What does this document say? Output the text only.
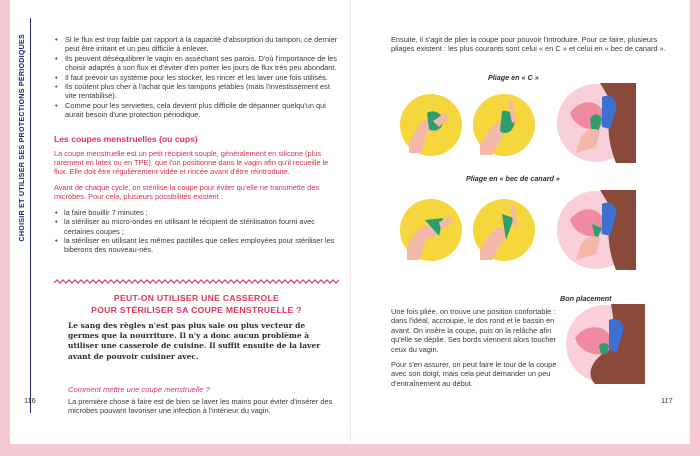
CHOISIR ET UTILISER SES PROTECTIONS PÉRIODIQUES
•	Si le flux est trop faible par rapport à la capacité d'absorption du tampon, ce dernier peut être irritant et un peu difficile à enlever.
• Ils peuvent déséquilibrer le vagin en asséchant ses parois. D'où l'importance de les choisir adaptés à son flux et d'éviter d'en porter les jours de flux très peu abondant.
• Il faut prévoir un système pour les stocker, les rincer et les laver une fois utilisés.
• Ils coûtent plus cher à l'achat que les tampons jetables (mais l'investissement est vite rentabilisé).
• Comme pour les serviettes, cela devient plus difficile de dépanner quelqu'un qui aurait besoin d'une protection périodique.
Les coupes menstruelles (ou cups)

La coupe menstruelle est un petit récipient souple, généralement en silicone (plus rarement en latex ou en TPE), que l'on positionne dans le vagin afin qu'il recueille le flux. Elle doit être régulièrement vidée et rincée avant d'être réintroduite.

Avant de chaque cycle, on stérilise la coupe pour éviter qu'elle ne transmette des microbes. Pour cela, plusieurs possibilités existent :

• la faire bouillir 7 minutes ;
• la stériliser au micro-ondes en utilisant le récipient de stérilisation fourni avec certaines coupes ;
• la stériliser en utilisant les mêmes pastilles que celles employées pour stériliser les biberons des nouveau-nés.
PEUT-ON UTILISER UNE CASSEROLE
POUR STÉRILISER SA COUPE MENSTRUELLE ?
Le sang des règles n'est pas plus sale ou plus vecteur de germes que la nourriture. Il n'y a donc aucun problème à utiliser une casserole de cuisine. Il suffit ensuite de la laver avant de pouvoir cuisiner avec.
Comment mettre une coupe menstruelle ?
La première chose à faire est de bien se laver les mains pour éviter d'insérer des microbes pouvant favoriser une infection à l'intérieur du vagin.
116
Ensuite, il s'agit de plier la coupe pour pouvoir l'introduire. Pour ce faire, plusieurs pliages existent : les plus courants sont celui « en C » et celui en « bec de canard ».
Pliage en « C »
Pliage en « bec de canard »
Bon placement

Une fois pliée, on trouve une position confortable : dans l'idéal, accroupie, le dos rond et le bassin en avant. On insère la coupe, puis on la relâche afin qu'elle se déplie. Ses bords viennent alors toucher ceux du vagin.

Pour s'en assurer, on peut faire le tour de la coupe avec son doigt, mais cela peut demander un peu d'entraînement au début.

117
